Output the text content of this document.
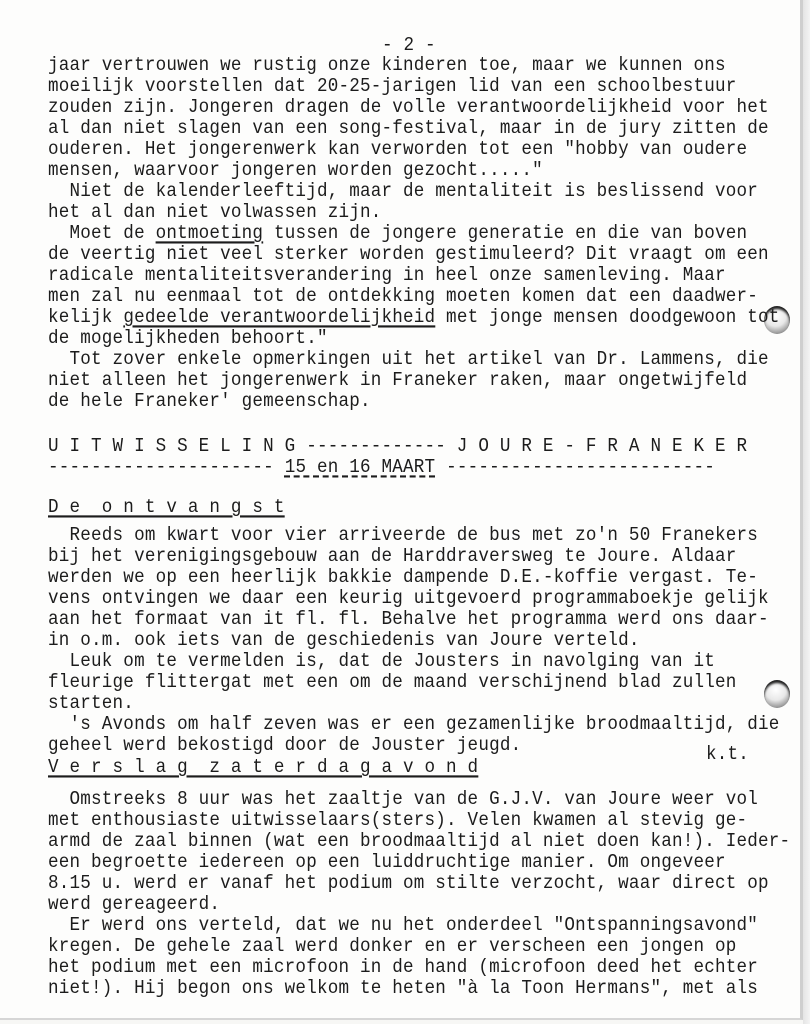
- 2 -
jaar vertrouwen we rustig onze kinderen toe, maar we kunnen ons
moeilijk voorstellen dat 20-25-jarigen lid van een schoolbestuur
zouden zijn. Jongeren dragen de volle verantwoordelijkheid voor het
al dan niet slagen van een song-festival, maar in de jury zitten de
ouderen. Het jongerenwerk kan verworden tot een "hobby van oudere
mensen, waarvoor jongeren worden gezocht....."
Niet de kalenderleeftijd, maar de mentaliteit is beslissend voor
het al dan niet volwassen zijn.
Moet de ontmoeting tussen de jongere generatie en die van boven
de veertig niet veel sterker worden gestimuleerd? Dit vraagt om een
radicale mentaliteitsverandering in heel onze samenleving. Maar
men zal nu eenmaal tot de ontdekking moeten komen dat een daadwer-
kelijk gedeelde verantwoordelijkheid met jonge mensen doodgewoon tot
de mogelijkheden behoort."
Tot zover enkele opmerkingen uit het artikel van Dr. Lammens, die
niet alleen het jongerenwerk in Franeker raken, maar ongetwijfeld
de hele Franeker' gemeenschap.
U I T W I S S E L I N G ------------- J O U R E - F R A N E K E R
--------------------- 15 en 16 MAART -------------------------
D e  o n t v a n g s t
Reeds om kwart voor vier arriveerde de bus met zo'n 50 Franekers
bij het verenigingsgebouw aan de Harddraversweg te Joure. Aldaar
werden we op een heerlijk bakkie dampende D.E.-koffie vergast. Te-
vens ontvingen we daar een keurig uitgevoerd programmaboekje gelijk
aan het formaat van it fl. fl. Behalve het programma werd ons daar-
in o.m. ook iets van de geschiedenis van Joure verteld.
Leuk om te vermelden is, dat de Jousters in navolging van it
fleurige flittergat met een om de maand verschijnend blad zullen
starten.
's Avonds om half zeven was er een gezamenlijke broodmaaltijd, die
geheel werd bekostigd door de Jouster jeugd.	k.t.
V e r s l a g  z a t e r d a g a v o n d
Omstreeks 8 uur was het zaaltje van de G.J.V. van Joure weer vol
met enthousiaste uitwisselaars(sters). Velen kwamen al stevig ge-
armd de zaal binnen (wat een broodmaaltijd al niet doen kan!). Ieder-
een begroette iedereen op een luiddruchtige manier. Om ongeveer
8.15 u. werd er vanaf het podium om stilte verzocht, waar direct op
werd gereageerd.
Er werd ons verteld, dat we nu het onderdeel "Ontspanningsavond"
kregen. De gehele zaal werd donker en er verscheen een jongen op
het podium met een microfoon in de hand (microfoon deed het echter
niet!). Hij begon ons welkom te heten "à la Toon Hermans", met als
